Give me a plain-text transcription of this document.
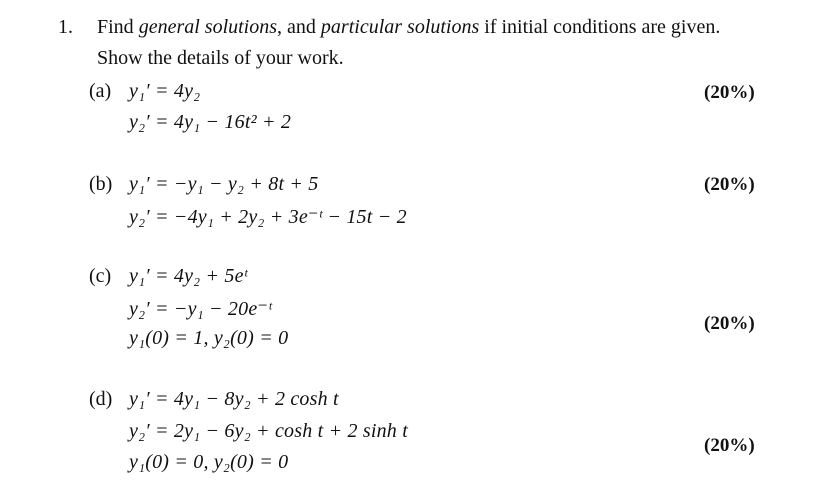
1. Find general solutions, and particular solutions if initial conditions are given.
Show the details of your work.
(a) y₁′ = 4y₂
y₂′ = 4y₁ − 16t² + 2
(20%)
(b) y₁′ = −y₁ − y₂ + 8t + 5
y₂′ = −4y₁ + 2y₂ + 3e⁻ᵗ − 15t − 2
(20%)
(c) y₁′ = 4y₂ + 5eᵗ
y₂′ = −y₁ − 20e⁻ᵗ
y₁(0) = 1, y₂(0) = 0
(20%)
(d) y₁′ = 4y₁ − 8y₂ + 2 cosh t
y₂′ = 2y₁ − 6y₂ + cosh t + 2 sinh t
y₁(0) = 0, y₂(0) = 0
(20%)
